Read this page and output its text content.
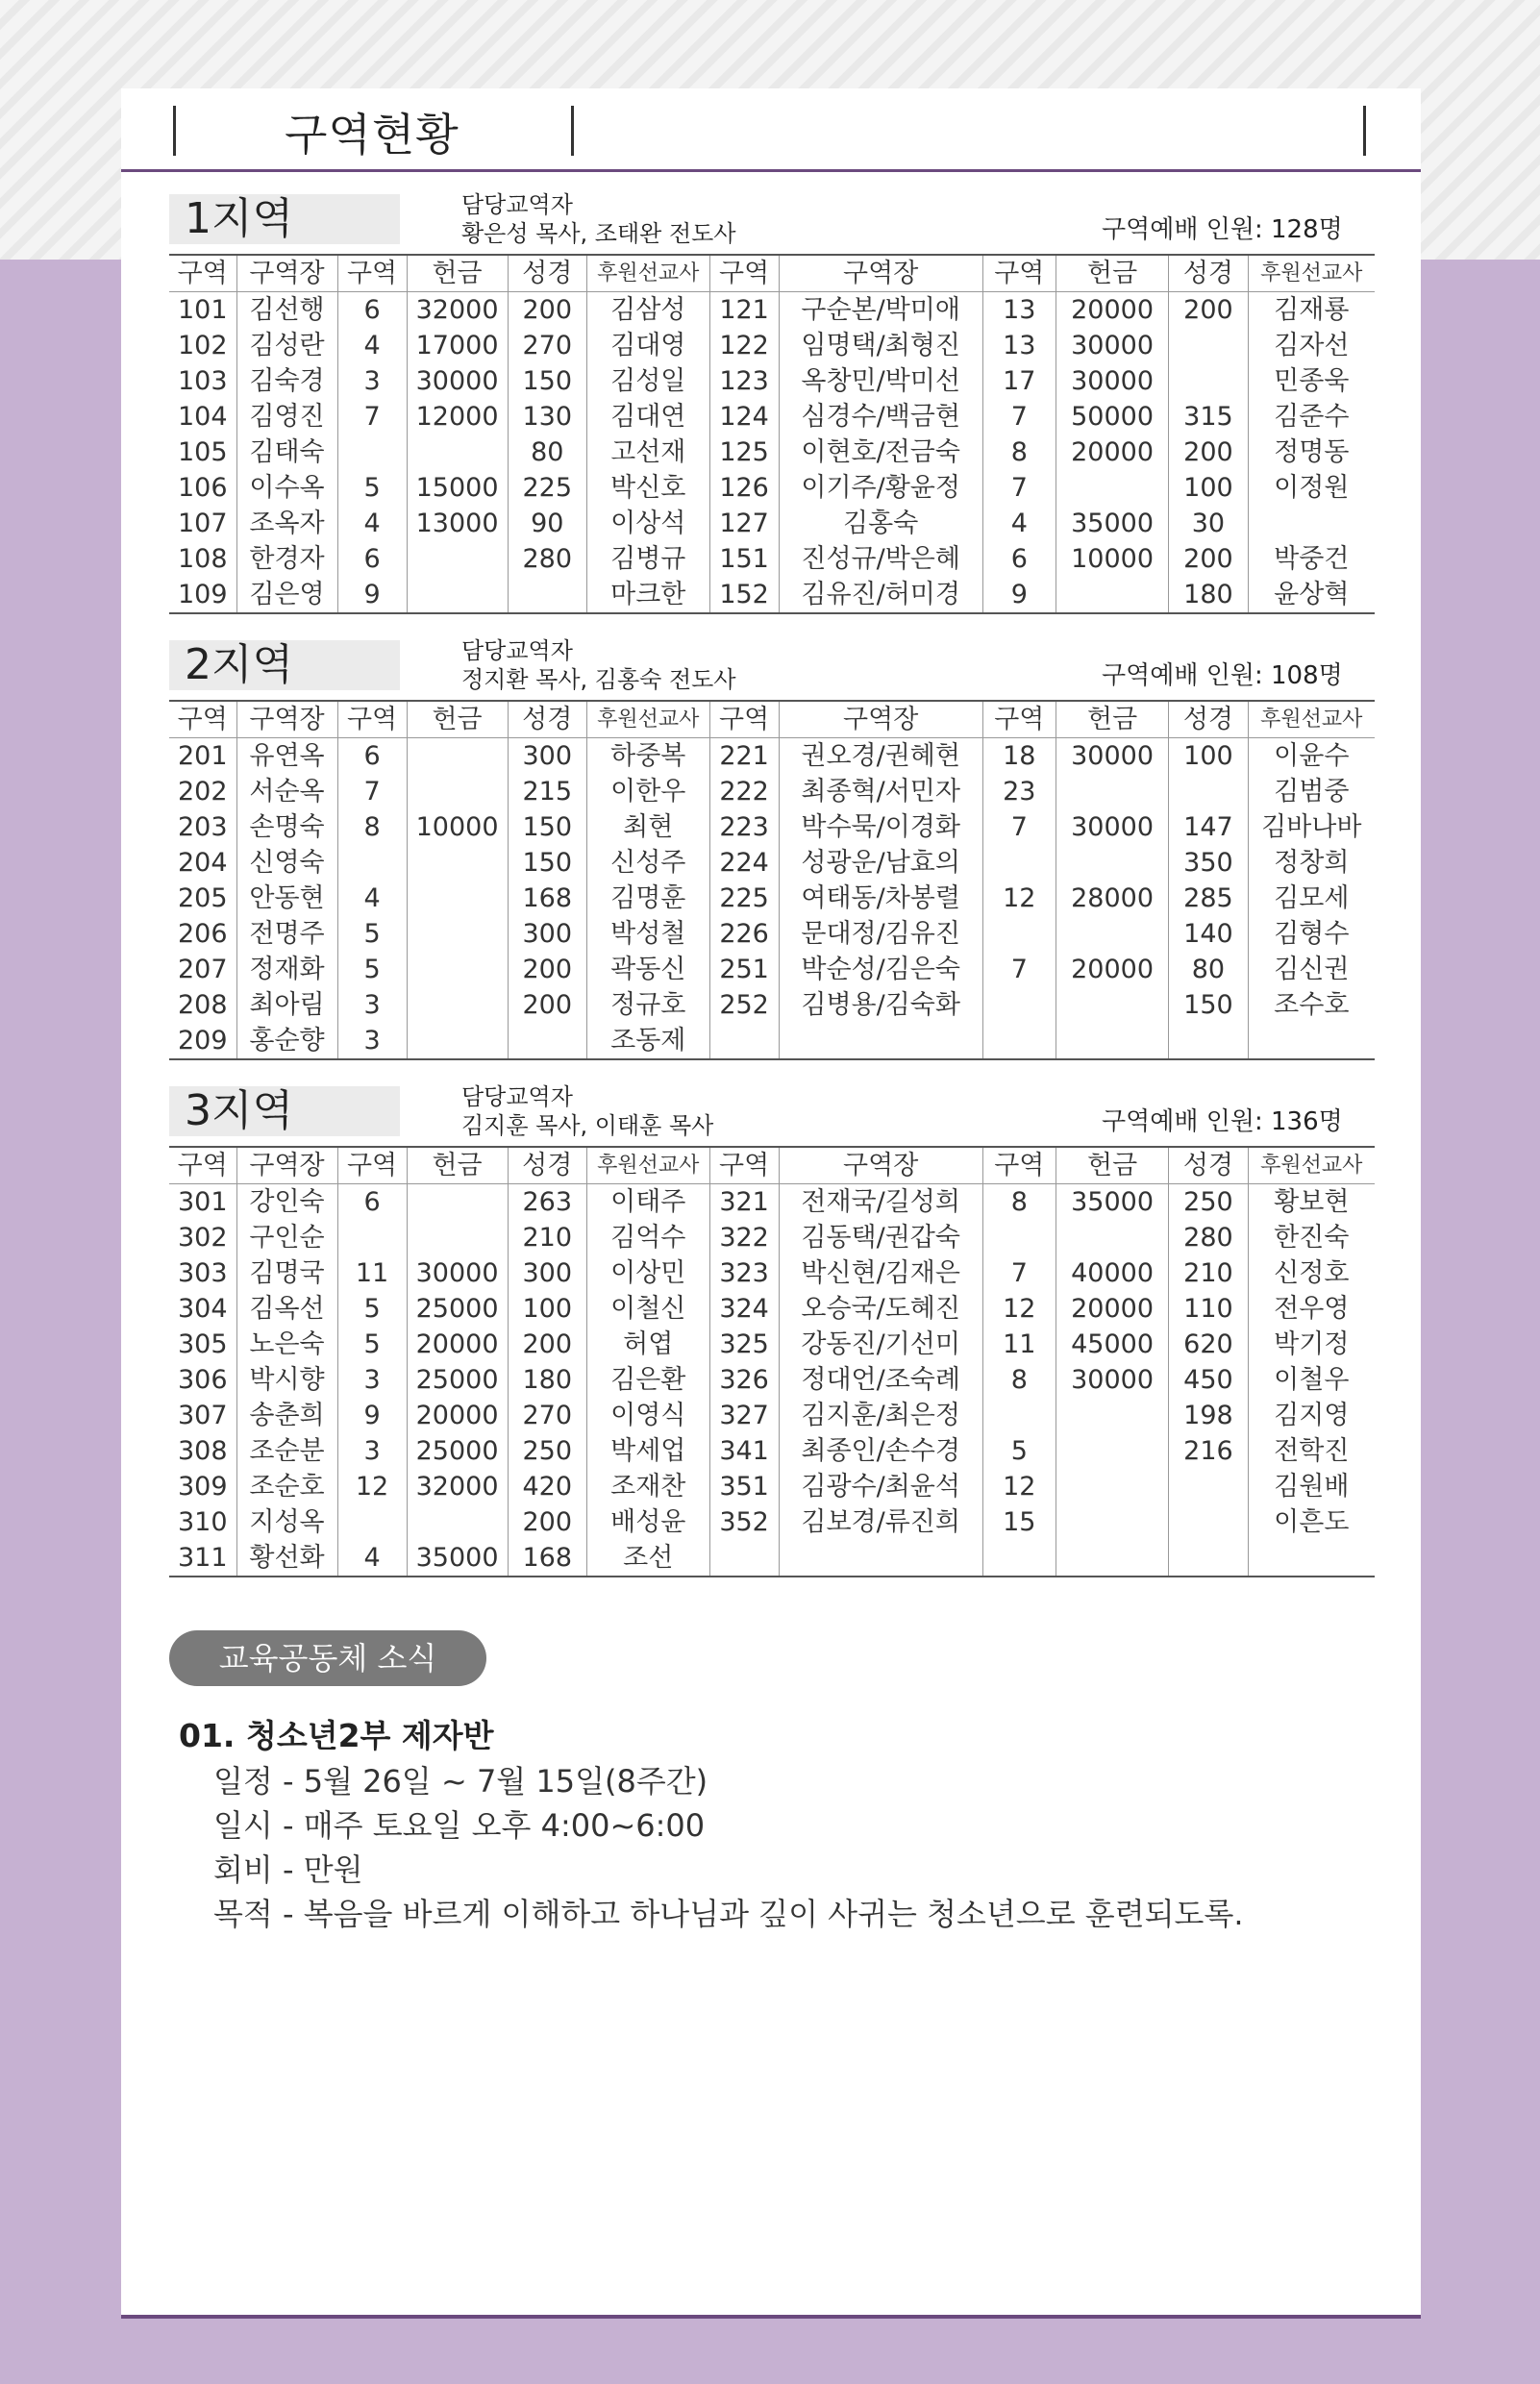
구역현황
1지역	담당교역자
황은성 목사, 조태완 전도사	구역예배 인원: 128명
구역	구역장	구역	헌금	성경	후원선교사	구역	구역장	구역	헌금	성경	후원선교사
101	김선행	6	32000	200	김삼성	121	구순본/박미애	13	20000	200	김재룡
102	김성란	4	17000	270	김대영	122	임명택/최형진	13	30000		김자선
103	김숙경	3	30000	150	김성일	123	옥창민/박미선	17	30000		민종욱
104	김영진	7	12000	130	김대연	124	심경수/백금현	7	50000	315	김준수
105	김태숙			80	고선재	125	이현호/전금숙	8	20000	200	정명동
106	이수옥	5	15000	225	박신호	126	이기주/황윤정	7		100	이정원
107	조옥자	4	13000	90	이상석	127	김홍숙	4	35000	30	
108	한경자	6		280	김병규	151	진성규/박은혜	6	10000	200	박중건
109	김은영	9			마크한	152	김유진/허미경	9		180	윤상혁
2지역	담당교역자
정지환 목사, 김홍숙 전도사	구역예배 인원: 108명
구역	구역장	구역	헌금	성경	후원선교사	구역	구역장	구역	헌금	성경	후원선교사
201	유연옥	6		300	하중복	221	권오경/권혜현	18	30000	100	이윤수
202	서순옥	7		215	이한우	222	최종혁/서민자	23			김범중
203	손명숙	8	10000	150	최현	223	박수묵/이경화	7	30000	147	김바나바
204	신영숙			150	신성주	224	성광운/남효의			350	정창희
205	안동현	4		168	김명훈	225	여태동/차봉렬	12	28000	285	김모세
206	전명주	5		300	박성철	226	문대정/김유진			140	김형수
207	정재화	5		200	곽동신	251	박순성/김은숙	7	20000	80	김신권
208	최아림	3		200	정규호	252	김병용/김숙화			150	조수호
209	홍순향	3			조동제						
3지역	담당교역자
김지훈 목사, 이태훈 목사	구역예배 인원: 136명
구역	구역장	구역	헌금	성경	후원선교사	구역	구역장	구역	헌금	성경	후원선교사
301	강인숙	6		263	이태주	321	전재국/길성희	8	35000	250	황보현
302	구인순			210	김억수	322	김동택/권갑숙			280	한진숙
303	김명국	11	30000	300	이상민	323	박신현/김재은	7	40000	210	신정호
304	김옥선	5	25000	100	이철신	324	오승국/도혜진	12	20000	110	전우영
305	노은숙	5	20000	200	허엽	325	강동진/기선미	11	45000	620	박기정
306	박시향	3	25000	180	김은환	326	정대언/조숙례	8	30000	450	이철우
307	송춘희	9	20000	270	이영식	327	김지훈/최은정			198	김지영
308	조순분	3	25000	250	박세업	341	최종인/손수경	5		216	전학진
309	조순호	12	32000	420	조재찬	351	김광수/최윤석	12			김원배
310	지성옥			200	배성윤	352	김보경/류진희	15			이흔도
311	황선화	4	35000	168	조선						
교육공동체 소식
01. 청소년2부 제자반
일정 - 5월 26일 ~ 7월 15일(8주간)
일시 - 매주 토요일 오후 4:00~6:00
회비 - 만원
목적 - 복음을 바르게 이해하고 하나님과 깊이 사귀는 청소년으로 훈련되도록.
